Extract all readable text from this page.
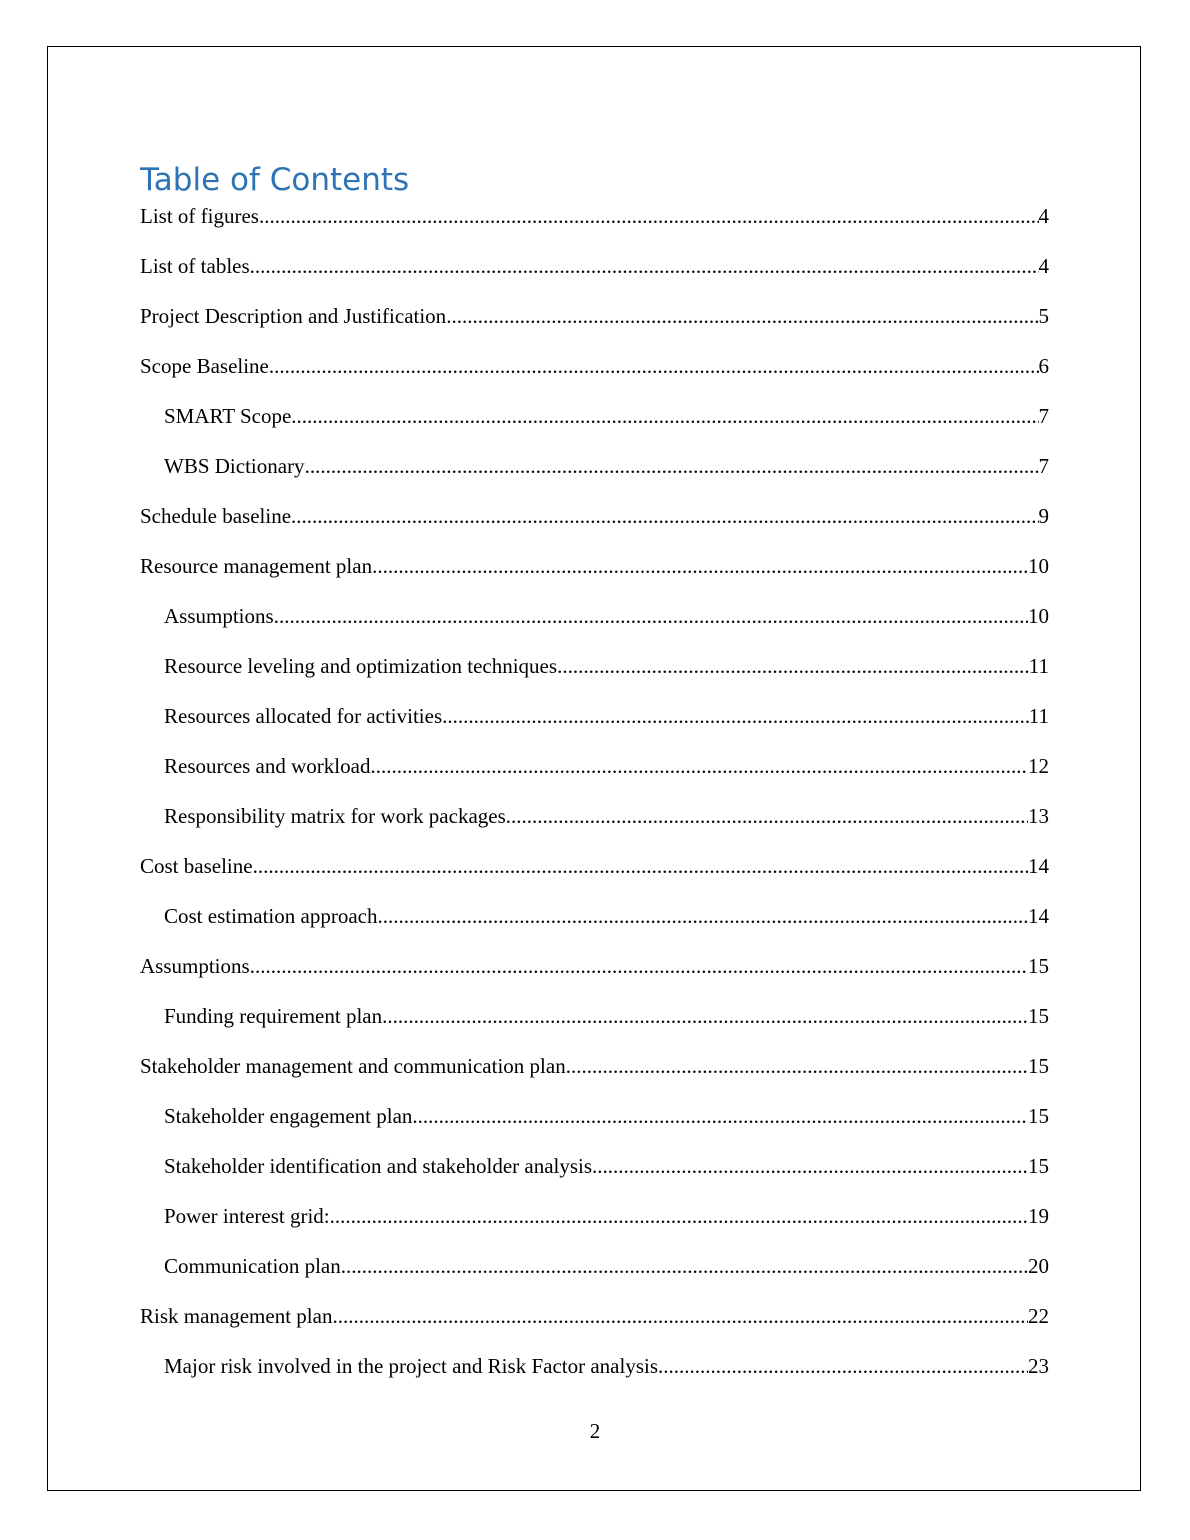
Table of Contents
List of figures .....	4
List of tables .....	4
Project Description and Justification .....	5
Scope Baseline .....	6
SMART Scope .....	7
WBS Dictionary .....	7
Schedule baseline .....	9
Resource management plan .....	10
Assumptions .....	10
Resource leveling and optimization techniques .....	11
Resources allocated for activities .....	11
Resources and workload .....	12
Responsibility matrix for work packages .....	13
Cost baseline .....	14
Cost estimation approach .....	14
Assumptions .....	15
Funding requirement plan .....	15
Stakeholder management and communication plan .....	15
Stakeholder engagement plan .....	15
Stakeholder identification and stakeholder analysis .....	15
Power interest grid: .....	19
Communication plan .....	20
Risk management plan .....	22
Major risk involved in the project and Risk Factor analysis .....	23
2
